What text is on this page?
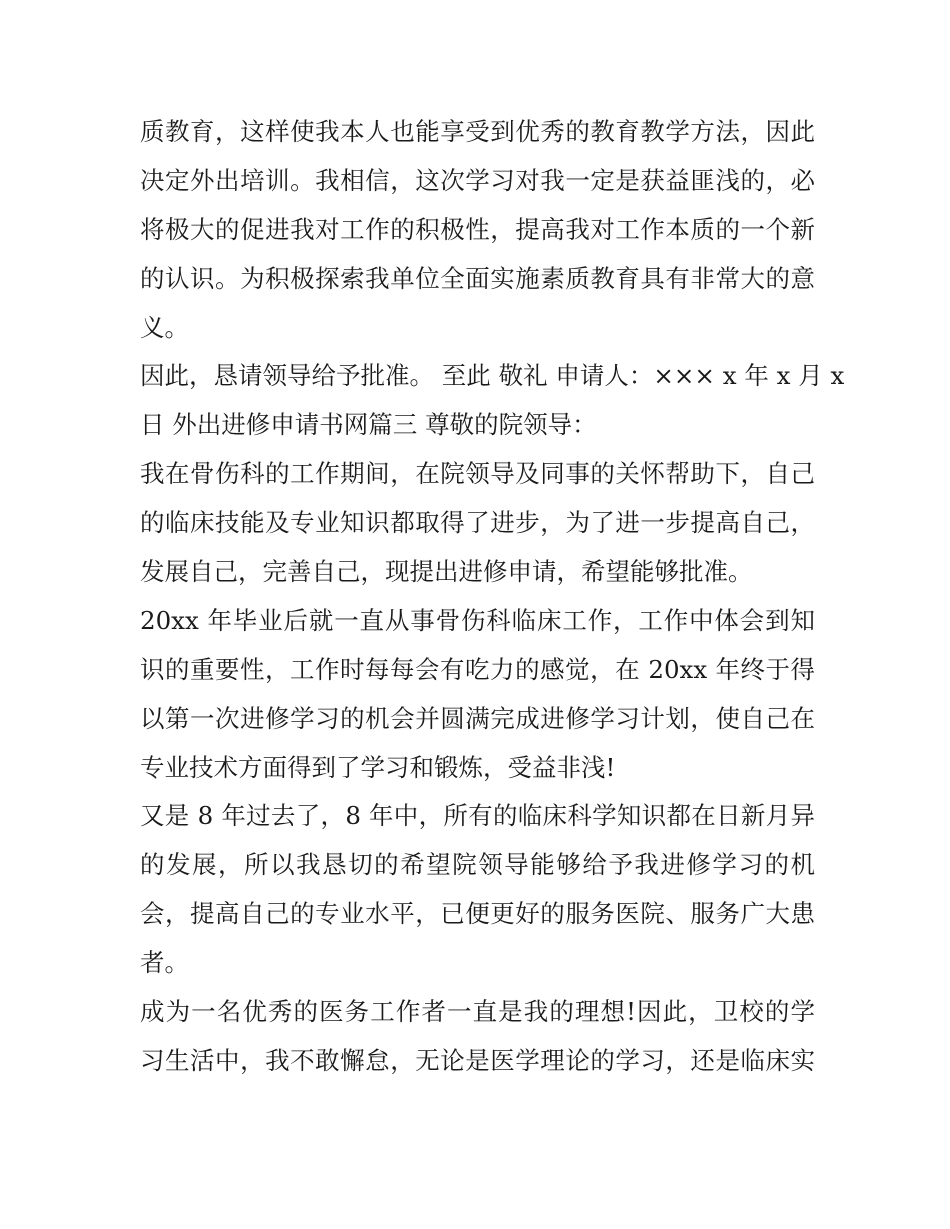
质教育，这样使我本人也能享受到优秀的教育教学方法，因此
决定外出培训。我相信，这次学习对我一定是获益匪浅的，必
将极大的促进我对工作的积极性，提高我对工作本质的一个新
的认识。为积极探索我单位全面实施素质教育具有非常大的意
义。
因此，恳请领导给予批准。 至此 敬礼 申请人：××× x 年 x 月 x
日 外出进修申请书网篇三 尊敬的院领导：
我在骨伤科的工作期间，在院领导及同事的关怀帮助下，自己
的临床技能及专业知识都取得了进步，为了进一步提高自己，
发展自己，完善自己，现提出进修申请，希望能够批准。
20xx 年毕业后就一直从事骨伤科临床工作，工作中体会到知
识的重要性，工作时每每会有吃力的感觉，在 20xx 年终于得
以第一次进修学习的机会并圆满完成进修学习计划，使自己在
专业技术方面得到了学习和锻炼，受益非浅!
又是 8 年过去了，8 年中，所有的临床科学知识都在日新月异
的发展，所以我恳切的希望院领导能够给予我进修学习的机
会，提高自己的专业水平，已便更好的服务医院、服务广大患
者。
成为一名优秀的医务工作者一直是我的理想!因此，卫校的学
习生活中，我不敢懈怠，无论是医学理论的学习，还是临床实
